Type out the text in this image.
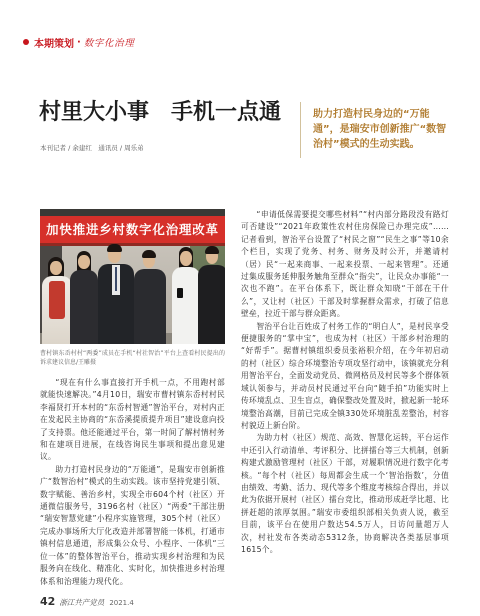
本期策划 · 数字化治理
村里大小事　手机一点通
本刊记者 / 余建红　通讯员 / 周乐弟

助力打造村民身边的“万能通”，是瑞安市创新推广“数智治村”模式的生动实践。

加快推进乡村数字化治理改革
曹村镇东岙村村“两委”成员在手机“村社智治”平台上查看村民提出的诉求建议信息/王雕摄

“现在有什么事直接打开手机一点，不用跑村部就能快速解决。”4月10日，瑞安市曹村镇东岙村村民李福贤打开本村的“东岙村智通”智治平台，对村内正在发起民主协商的“东岙溪提质提升项目”建设意向投了支持票。他还能通过平台，第一时间了解村情村务和在建项目进展，在线咨询民生事项和提出意见建议。

助力打造村民身边的“万能通”，是瑞安市创新推广“数智治村”模式的生动实践。该市坚持党建引领、数字赋能、善治乡村，实现全市604个村（社区）开通微信服务号，3196名村（社区）“两委”干部注册“瑞安智慧党建”小程序实施管理，305个村（社区）完成办事场所大厅化改造并部署智能一体机，打通市镇村信息通道，形成集公众号、小程序、一体机“三位一体”的整体智治平台，推动实现乡村治理和为民服务向在线化、精准化、实时化，加快推进乡村治理体系和治理能力现代化。

“申请低保需要提交哪些材料”“村内部分路段没有路灯可否建设”“2021年政策性农村住房保险已办理完成”……记者看到，智治平台设置了“村民之窗”“民生之事”等10余个栏目，实现了党务、村务、财务及时公开，并邀请村（居）民“一起来商事、一起来投票、一起来管理”。还通过集成服务延伸服务触角至群众“指尖”，让民众办事能“一次也不跑”。在平台体系下，既让群众知晓“干部在干什么”，又让村（社区）干部及时掌握群众需求，打破了信息壁垒，拉近干部与群众距离。

智治平台让百姓成了村务工作的“明白人”，是村民享受便捷服务的“掌中宝”，也成为村（社区）干部乡村治理的“好帮手”。据曹村镇组织委员张裕积介绍，在今年初启动的村（社区）综合环境整治专项攻坚行动中，该镇就充分利用智治平台，全面发动党员、微网格员及村民等多个群体领域认领参与，并动员村民通过平台向“随手拍”功能实时上传环境乱点、卫生盲点，确保整改处置及时，掀起新一轮环境整治高潮，目前已完成全镇330处环境脏乱差整治，村容村貌迈上新台阶。

为助力村（社区）规范、高效、智慧化运转，平台运作中还引入行动清单、考评积分、比拼擂台等三大机制，创新构建式激励管理村（社区）干部，对履职情况进行数字化考核。“每个村（社区）每周都会生成一个‘智治指数’，分值由绩效、考勤、活力、现代等多个维度考核综合得出，并以此为依据开展村（社区）擂台竞比，推动形成赶学比超、比拼赶超的浓厚氛围。”瑞安市委组织部相关负责人说，截至目前，该平台在使用户数达54.5万人，日访问量超万人次，村社发布各类动态5312条，协商解决各类基层事项1615个。

42 浙江共产党员 2021.4
